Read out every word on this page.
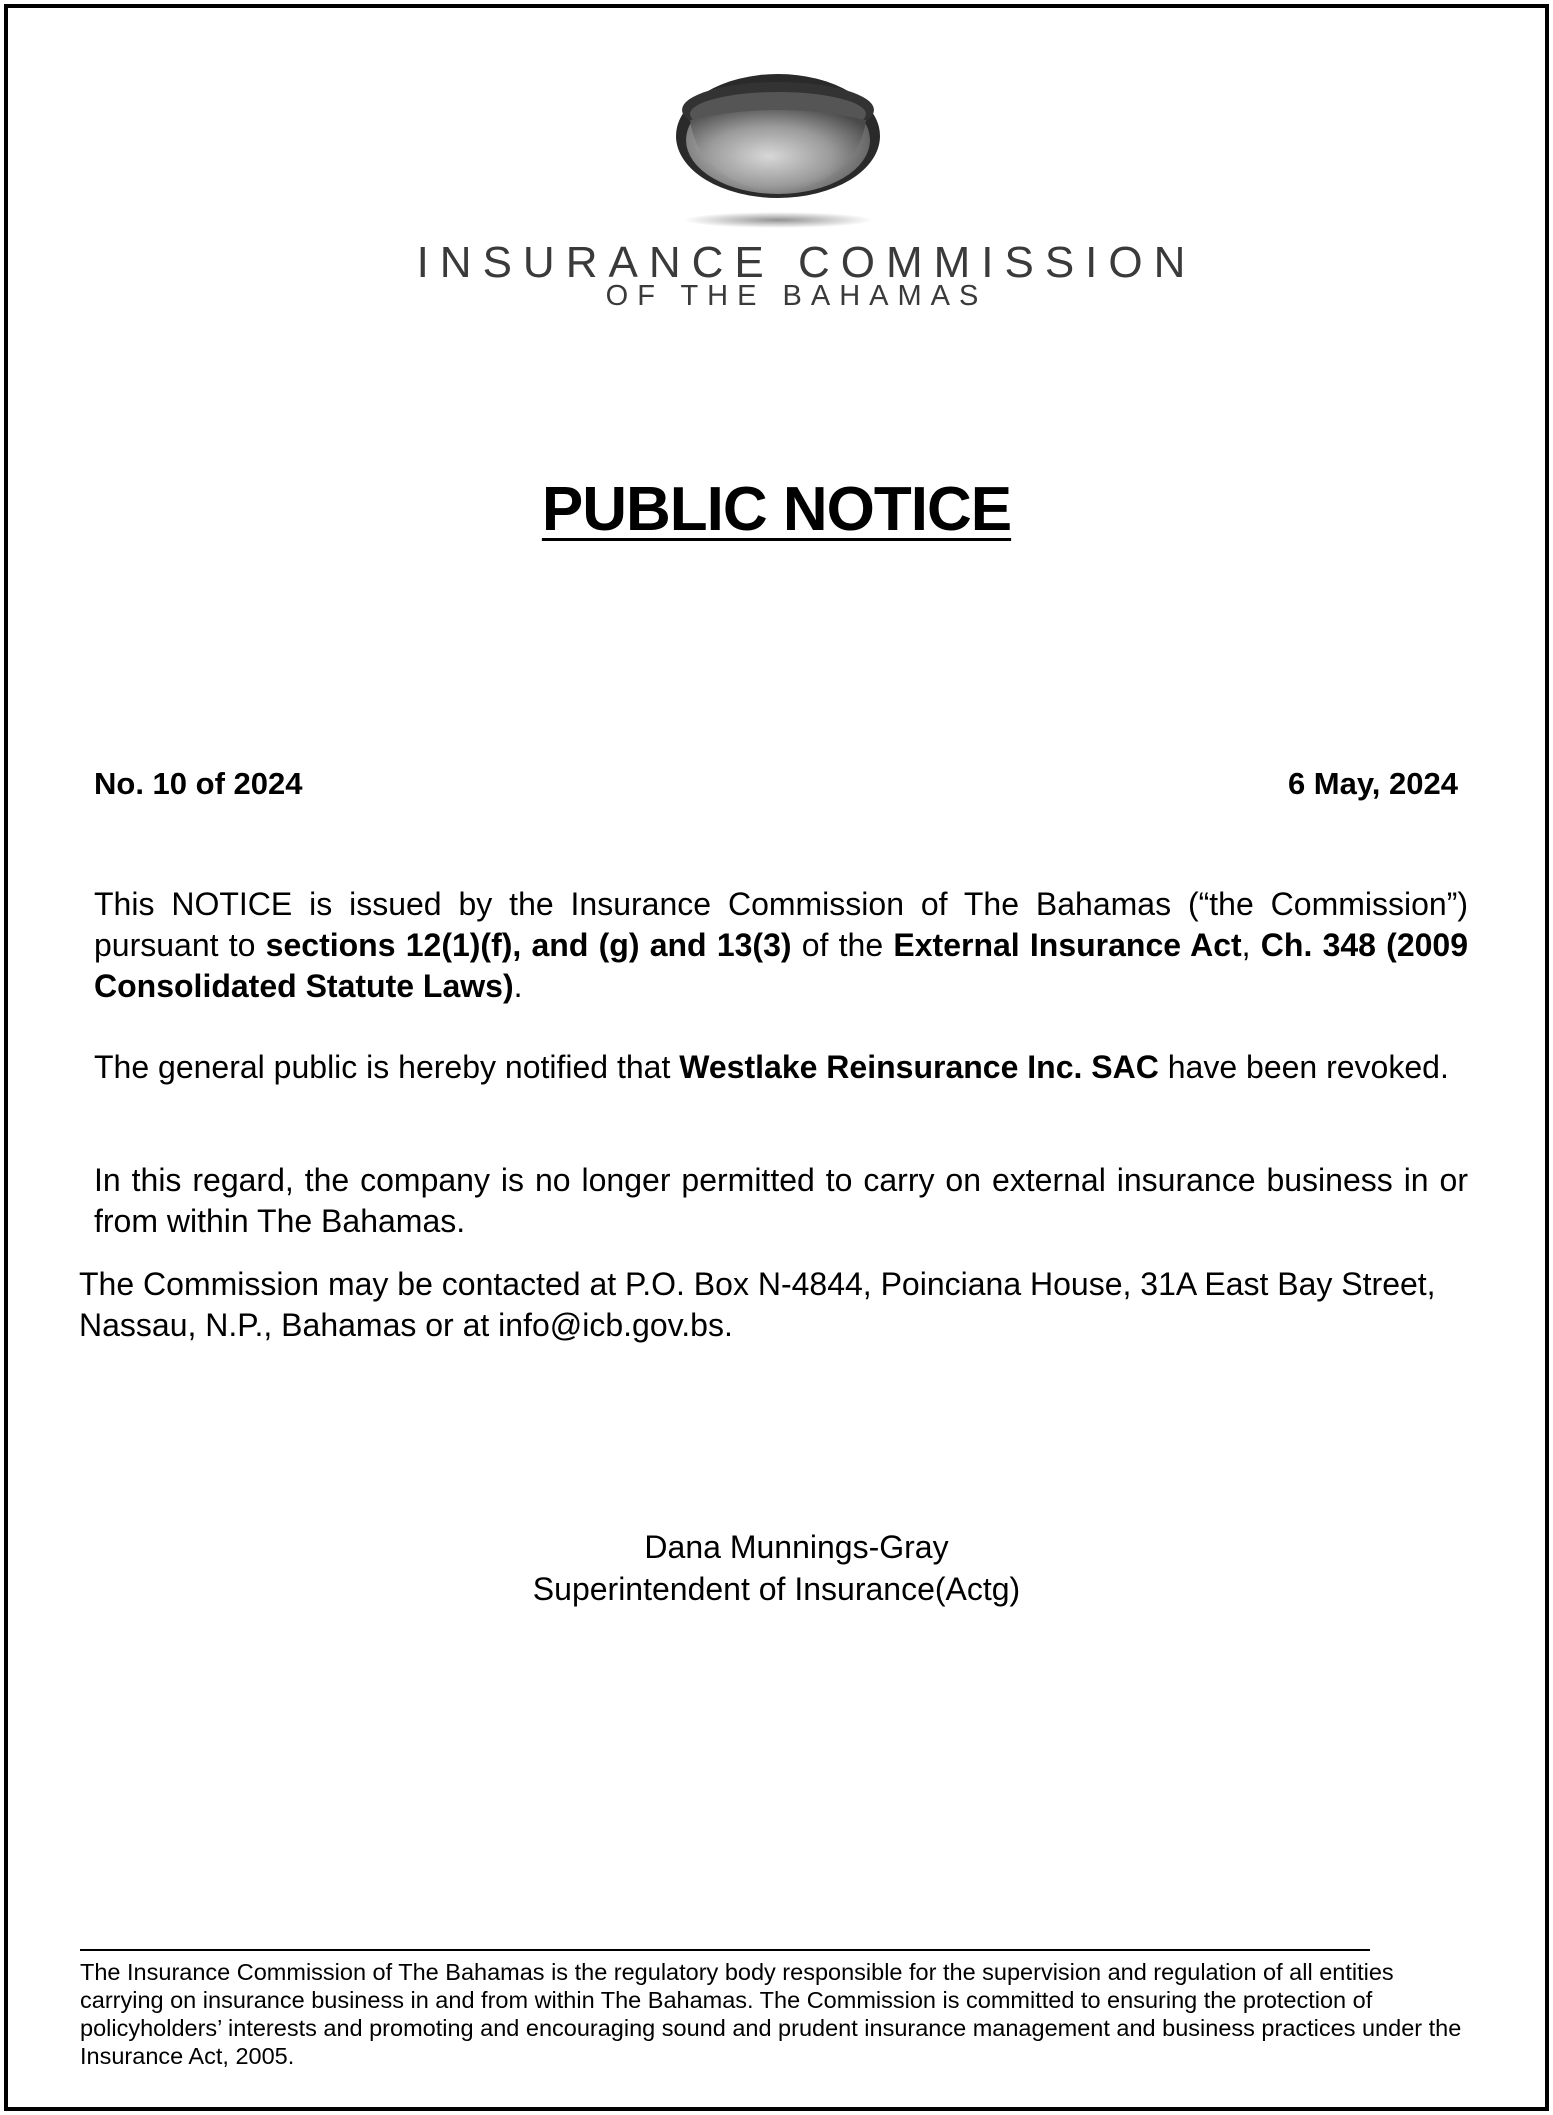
INSURANCE COMMISSION
OF THE BAHAMAS
PUBLIC NOTICE
No. 10 of 2024	6 May, 2024
This NOTICE is issued by the Insurance Commission of The Bahamas (“the Commission”) pursuant to sections 12(1)(f), and (g) and 13(3) of the External Insurance Act, Ch. 348 (2009 Consolidated Statute Laws).
The general public is hereby notified that Westlake Reinsurance Inc. SAC have been revoked.
In this regard, the company is no longer permitted to carry on external insurance business in or from within The Bahamas.
The Commission may be contacted at P.O. Box N-4844, Poinciana House, 31A East Bay Street, Nassau, N.P., Bahamas or at info@icb.gov.bs.
Dana Munnings-Gray
Superintendent of Insurance(Actg)
The Insurance Commission of The Bahamas is the regulatory body responsible for the supervision and regulation of all entities carrying on insurance business in and from within The Bahamas. The Commission is committed to ensuring the protection of policyholders’ interests and promoting and encouraging sound and prudent insurance management and business practices under the Insurance Act, 2005.
